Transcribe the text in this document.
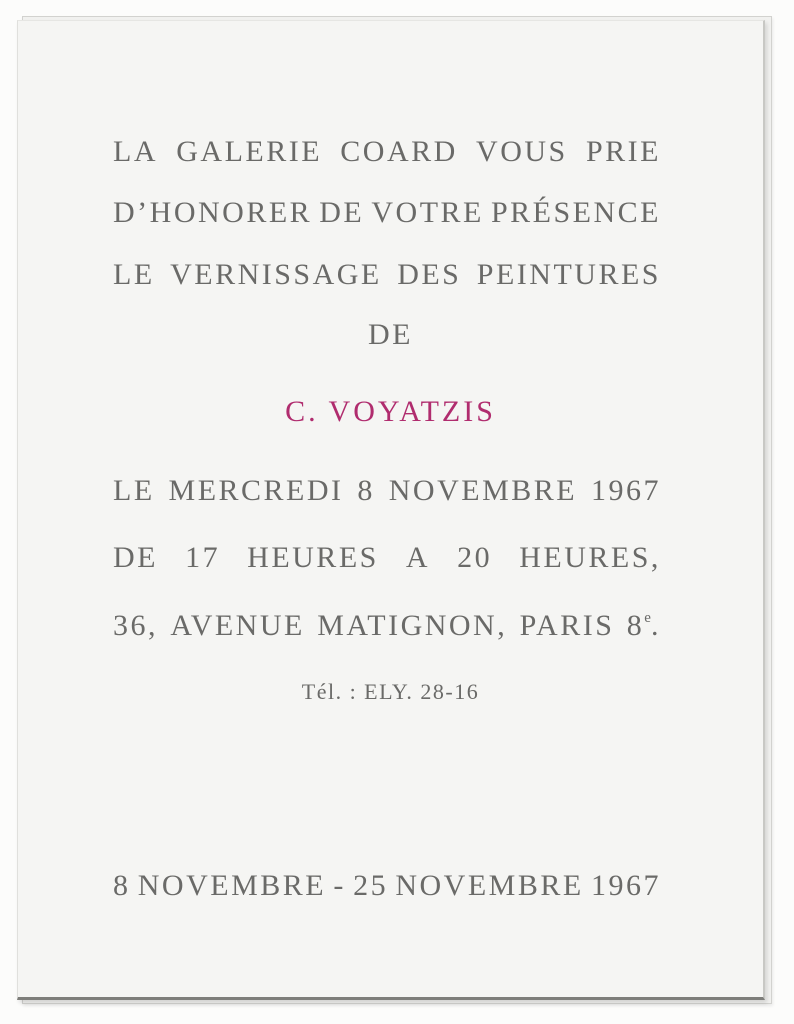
LA GALERIE COARD VOUS PRIE

D’HONORER DE VOTRE PRÉSENCE

LE VERNISSAGE DES PEINTURES

DE

C. VOYATZIS

LE MERCREDI 8 NOVEMBRE 1967

DE 17 HEURES A 20 HEURES,

36, AVENUE MATIGNON, PARIS 8e.

Tél. : ELY. 28-16

8 NOVEMBRE - 25 NOVEMBRE 1967
